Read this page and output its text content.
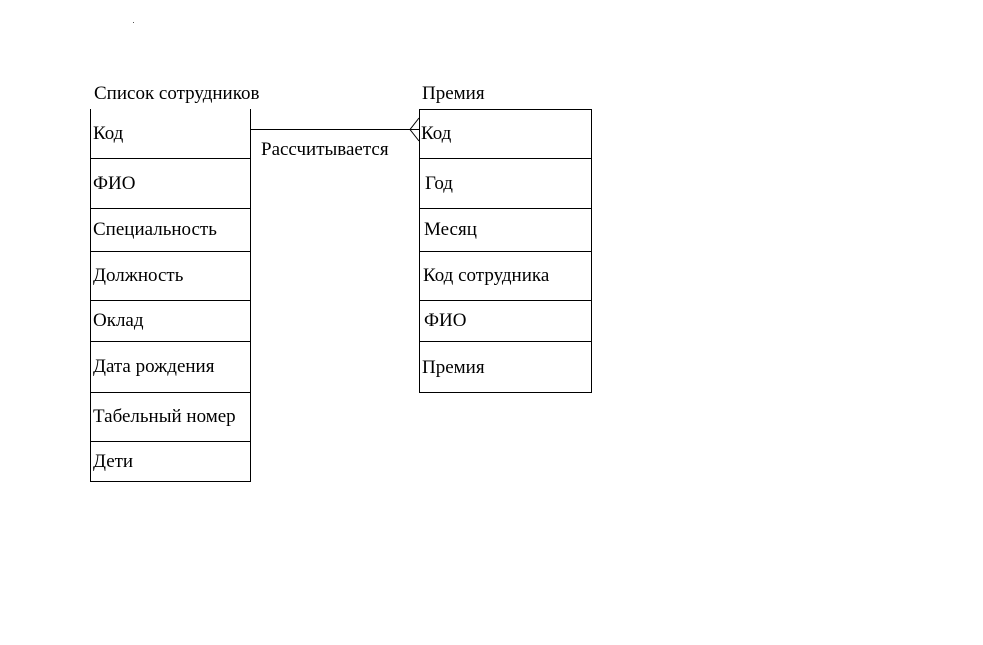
Список сотрудников
Код
ФИО
Специальность
Должность
Оклад
Дата рождения
Табельный номер
Дети
Премия
Код
Год
Месяц
Код сотрудника
ФИО
Премия
Рассчитывается
